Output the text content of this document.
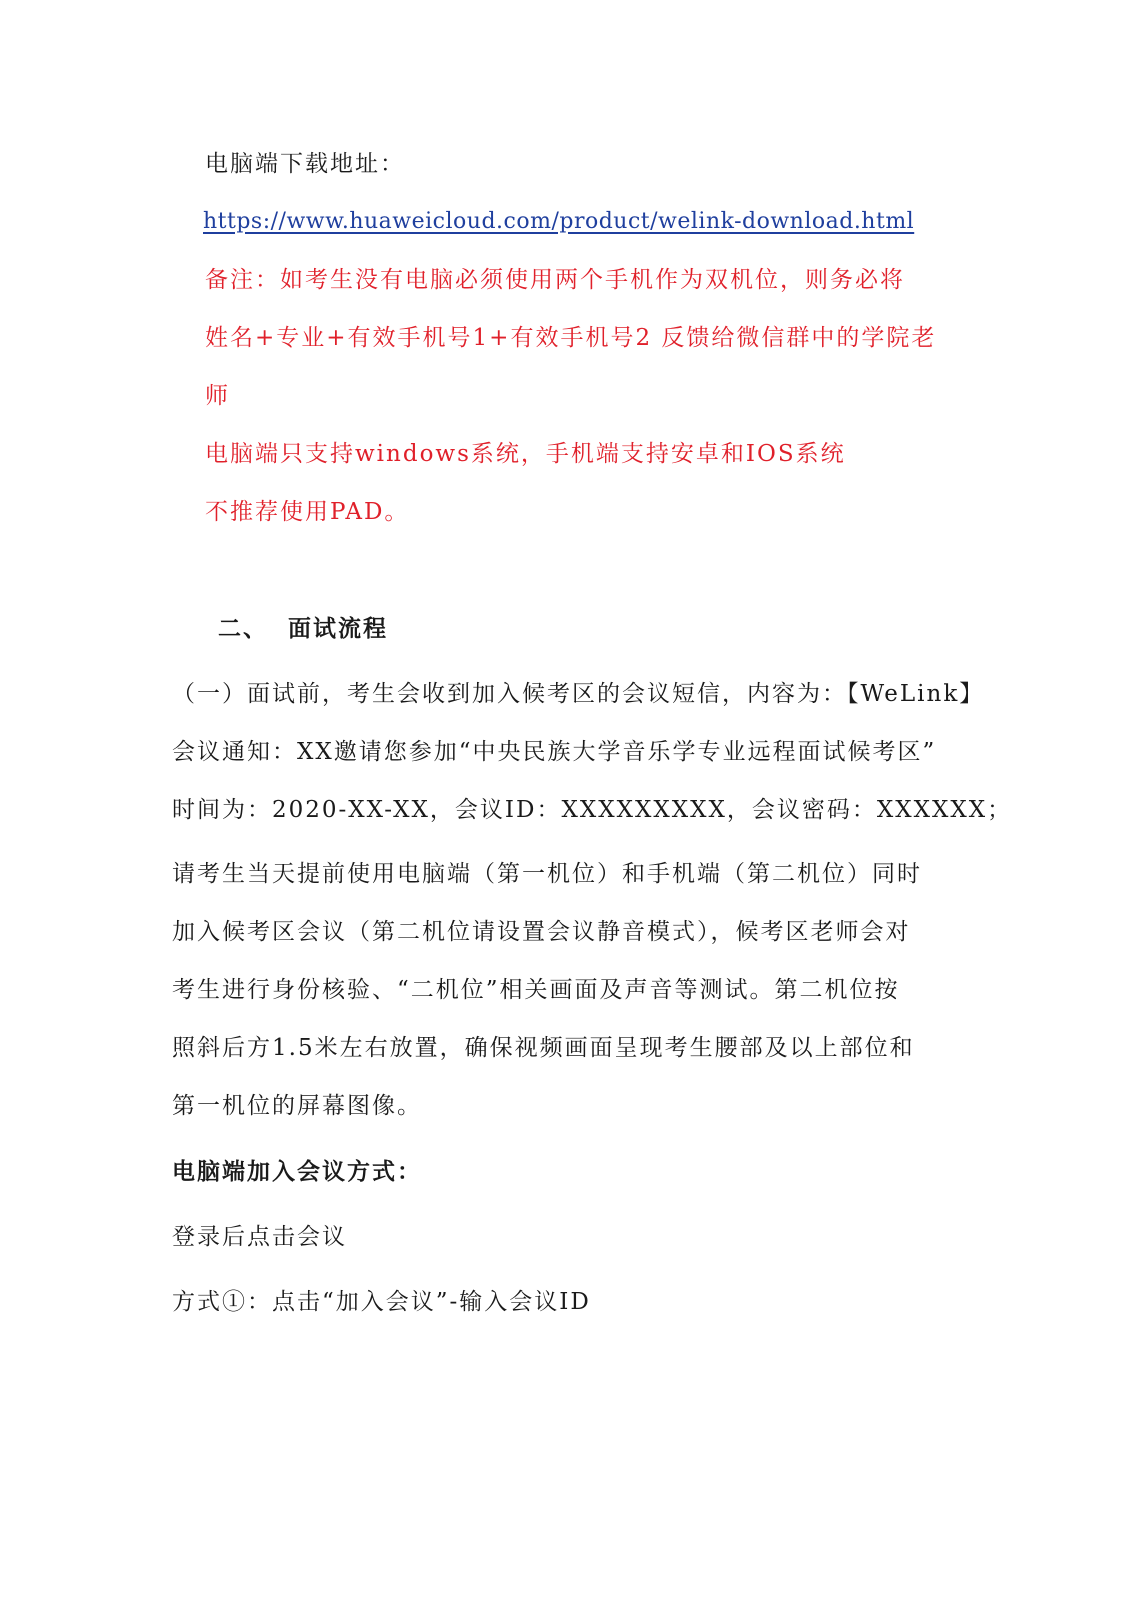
电脑端下载地址：
https://www.huaweicloud.com/product/welink-download.html
备注：如考生没有电脑必须使用两个手机作为双机位，则务必将
姓名+专业+有效手机号1+有效手机号2 反馈给微信群中的学院老
师
电脑端只支持windows系统，手机端支持安卓和IOS系统
不推荐使用PAD。
二、 面试流程
（一）面试前，考生会收到加入候考区的会议短信，内容为：【WeLink】
会议通知：XX邀请您参加“中央民族大学音乐学专业远程面试候考区”
时间为：2020-XX-XX，会议ID：XXXXXXXXX，会议密码：XXXXXX；
请考生当天提前使用电脑端（第一机位）和手机端（第二机位）同时
加入候考区会议（第二机位请设置会议静音模式），候考区老师会对
考生进行身份核验、“二机位”相关画面及声音等测试。第二机位按
照斜后方1.5米左右放置，确保视频画面呈现考生腰部及以上部位和
第一机位的屏幕图像。
电脑端加入会议方式：
登录后点击会议
方式①：点击“加入会议”-输入会议ID
